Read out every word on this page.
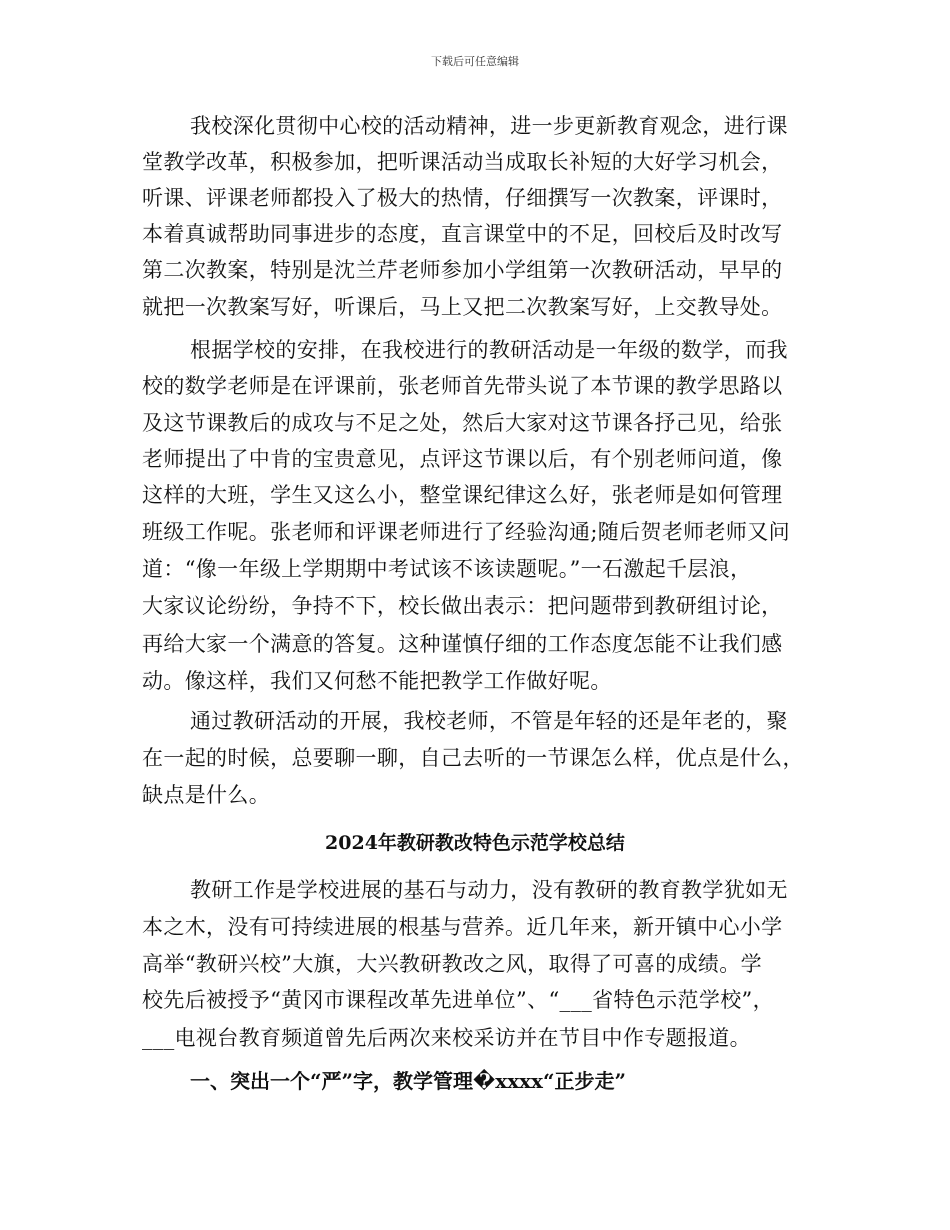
下载后可任意编辑
我校深化贯彻中心校的活动精神，进一步更新教育观念，进行课
堂教学改革，积极参加，把听课活动当成取长补短的大好学习机会，
听课、评课老师都投入了极大的热情，仔细撰写一次教案，评课时，
本着真诚帮助同事进步的态度，直言课堂中的不足，回校后及时改写
第二次教案，特别是沈兰芹老师参加小学组第一次教研活动，早早的
就把一次教案写好，听课后，马上又把二次教案写好，上交教导处。
根据学校的安排，在我校进行的教研活动是一年级的数学，而我
校的数学老师是在评课前，张老师首先带头说了本节课的教学思路以
及这节课教后的成攻与不足之处，然后大家对这节课各抒己见，给张
老师提出了中肯的宝贵意见，点评这节课以后，有个别老师问道，像
这样的大班，学生又这么小，整堂课纪律这么好，张老师是如何管理
班级工作呢。张老师和评课老师进行了经验沟通;随后贺老师老师又问
道：“像一年级上学期期中考试该不该读题呢。”一石激起千层浪，
大家议论纷纷，争持不下，校长做出表示：把问题带到教研组讨论，
再给大家一个满意的答复。这种谨慎仔细的工作态度怎能不让我们感
动。像这样，我们又何愁不能把教学工作做好呢。
通过教研活动的开展，我校老师，不管是年轻的还是年老的，聚
在一起的时候，总要聊一聊，自己去听的一节课怎么样，优点是什么，
缺点是什么。
2024年教研教改特色示范学校总结
教研工作是学校进展的基石与动力，没有教研的教育教学犹如无
本之木，没有可持续进展的根基与营养。近几年来，新开镇中心小学
高举“教研兴校”大旗，大兴教研教改之风，取得了可喜的成绩。学
校先后被授予“黄冈市课程改革先进单位”、“___省特色示范学校”，
___电视台教育频道曾先后两次来校采访并在节目中作专题报道。
一、突出一个“严”字，教学管理�xxxx“正步走”
